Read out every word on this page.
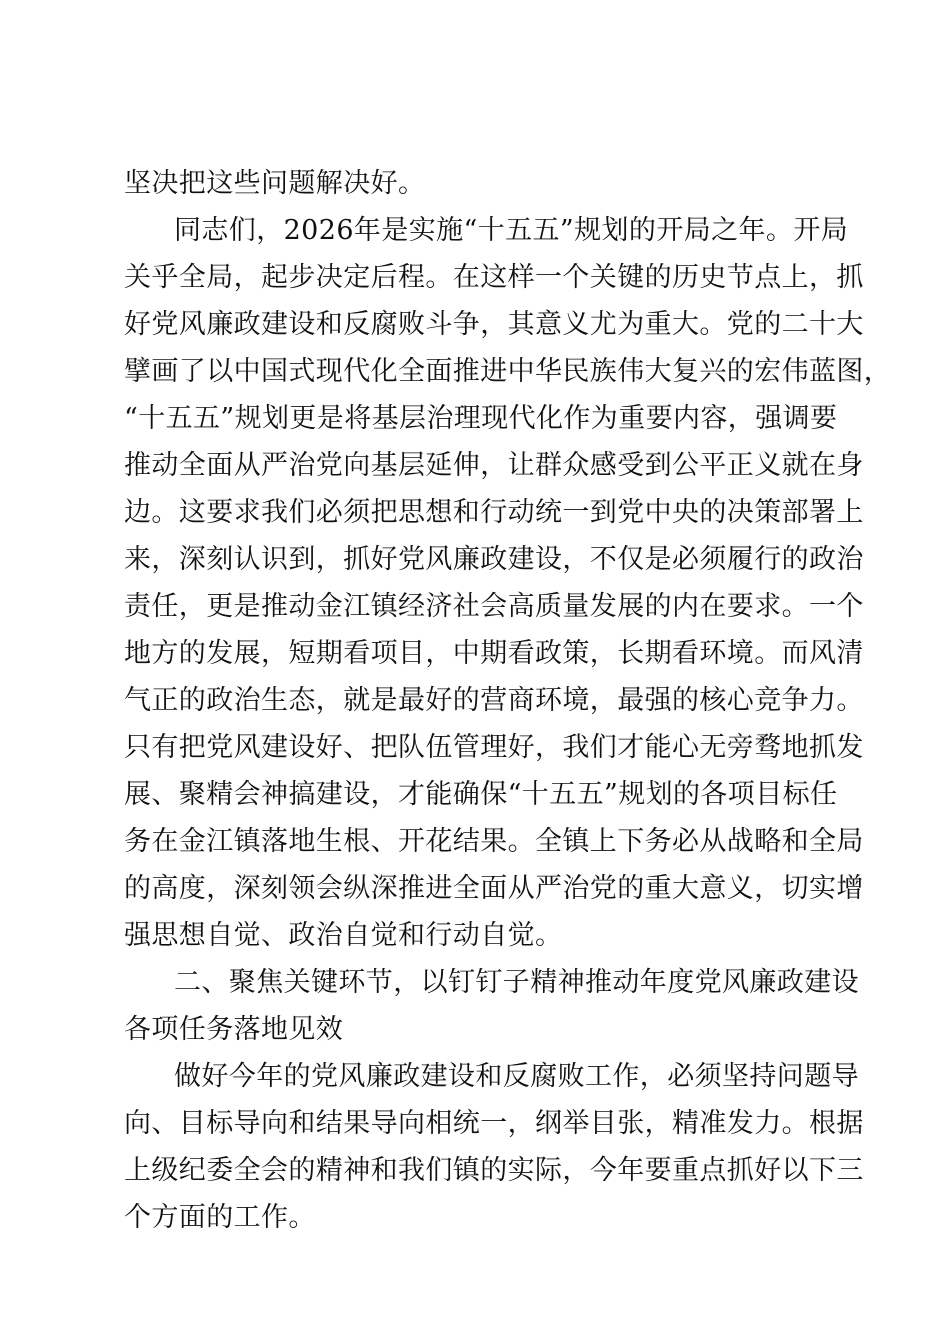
坚决把这些问题解决好。
同志们，2026年是实施“十五五”规划的开局之年。开局
关乎全局，起步决定后程。在这样一个关键的历史节点上，抓
好党风廉政建设和反腐败斗争，其意义尤为重大。党的二十大
擘画了以中国式现代化全面推进中华民族伟大复兴的宏伟蓝图，
“十五五”规划更是将基层治理现代化作为重要内容，强调要
推动全面从严治党向基层延伸，让群众感受到公平正义就在身
边。这要求我们必须把思想和行动统一到党中央的决策部署上
来，深刻认识到，抓好党风廉政建设，不仅是必须履行的政治
责任，更是推动金江镇经济社会高质量发展的内在要求。一个
地方的发展，短期看项目，中期看政策，长期看环境。而风清
气正的政治生态，就是最好的营商环境，最强的核心竞争力。
只有把党风建设好、把队伍管理好，我们才能心无旁骛地抓发
展、聚精会神搞建设，才能确保“十五五”规划的各项目标任
务在金江镇落地生根、开花结果。全镇上下务必从战略和全局
的高度，深刻领会纵深推进全面从严治党的重大意义，切实增
强思想自觉、政治自觉和行动自觉。
二、聚焦关键环节，以钉钉子精神推动年度党风廉政建设
各项任务落地见效
做好今年的党风廉政建设和反腐败工作，必须坚持问题导
向、目标导向和结果导向相统一，纲举目张，精准发力。根据
上级纪委全会的精神和我们镇的实际，今年要重点抓好以下三
个方面的工作。
